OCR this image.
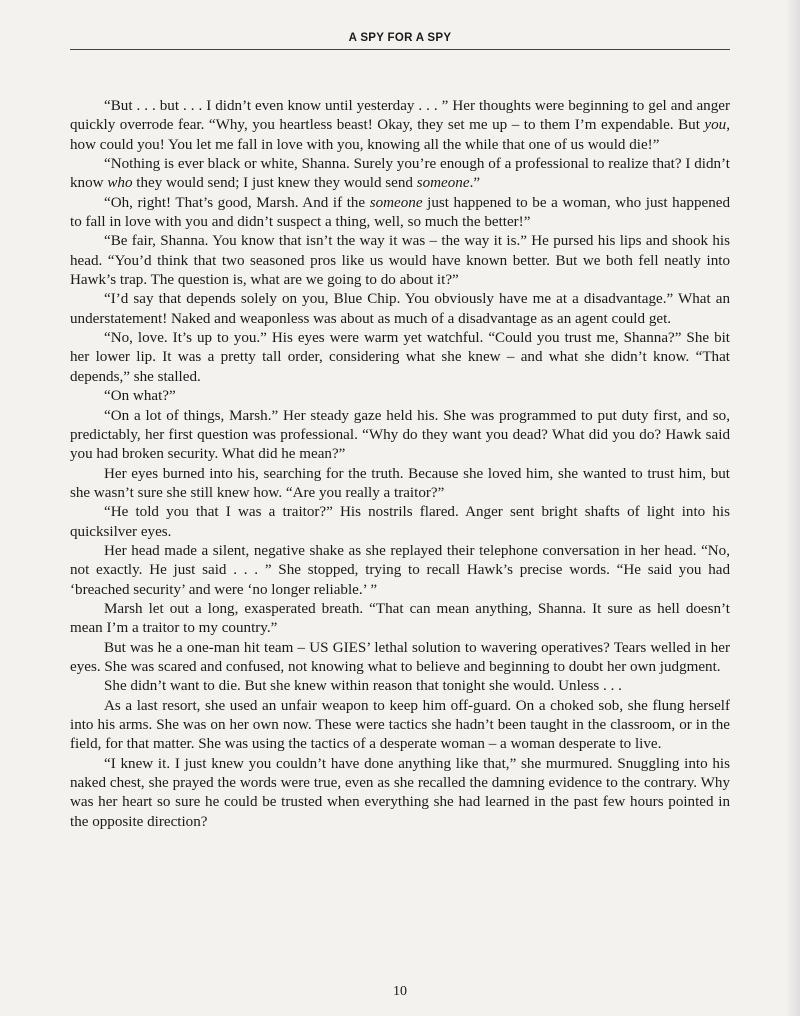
A SPY FOR A SPY

“But . . . but . . . I didn’t even know until yesterday . . . ” Her thoughts were beginning to gel and anger quickly overrode fear. “Why, you heartless beast! Okay, they set me up – to them I’m expendable. But you, how could you! You let me fall in love with you, knowing all the while that one of us would die!”

“Nothing is ever black or white, Shanna. Surely you’re enough of a professional to realize that? I didn’t know who they would send; I just knew they would send someone.”

“Oh, right! That’s good, Marsh. And if the someone just happened to be a woman, who just happened to fall in love with you and didn’t suspect a thing, well, so much the better!”

“Be fair, Shanna. You know that isn’t the way it was – the way it is.” He pursed his lips and shook his head. “You’d think that two seasoned pros like us would have known better. But we both fell neatly into Hawk’s trap. The question is, what are we going to do about it?”

“I’d say that depends solely on you, Blue Chip. You obviously have me at a disadvantage.” What an understatement! Naked and weaponless was about as much of a disadvantage as an agent could get.

“No, love. It’s up to you.” His eyes were warm yet watchful. “Could you trust me, Shanna?” She bit her lower lip. It was a pretty tall order, considering what she knew – and what she didn’t know. “That depends,” she stalled.

“On what?”

“On a lot of things, Marsh.” Her steady gaze held his. She was programmed to put duty first, and so, predictably, her first question was professional. “Why do they want you dead? What did you do? Hawk said you had broken security. What did he mean?”

Her eyes burned into his, searching for the truth. Because she loved him, she wanted to trust him, but she wasn’t sure she still knew how. “Are you really a traitor?”

“He told you that I was a traitor?” His nostrils flared. Anger sent bright shafts of light into his quicksilver eyes.

Her head made a silent, negative shake as she replayed their telephone conversation in her head. “No, not exactly. He just said . . . ” She stopped, trying to recall Hawk’s precise words. “He said you had ‘breached security’ and were ‘no longer reliable.’ ”

Marsh let out a long, exasperated breath. “That can mean anything, Shanna. It sure as hell doesn’t mean I’m a traitor to my country.”

But was he a one-man hit team – US GIES’ lethal solution to wavering operatives? Tears welled in her eyes. She was scared and confused, not knowing what to believe and beginning to doubt her own judgment.

She didn’t want to die. But she knew within reason that tonight she would. Unless . . .

As a last resort, she used an unfair weapon to keep him off-guard. On a choked sob, she flung herself into his arms. She was on her own now. These were tactics she hadn’t been taught in the classroom, or in the field, for that matter. She was using the tactics of a desperate woman – a woman desperate to live.

“I knew it. I just knew you couldn’t have done anything like that,” she murmured. Snuggling into his naked chest, she prayed the words were true, even as she recalled the damning evidence to the contrary. Why was her heart so sure he could be trusted when everything she had learned in the past few hours pointed in the opposite direction?

10
